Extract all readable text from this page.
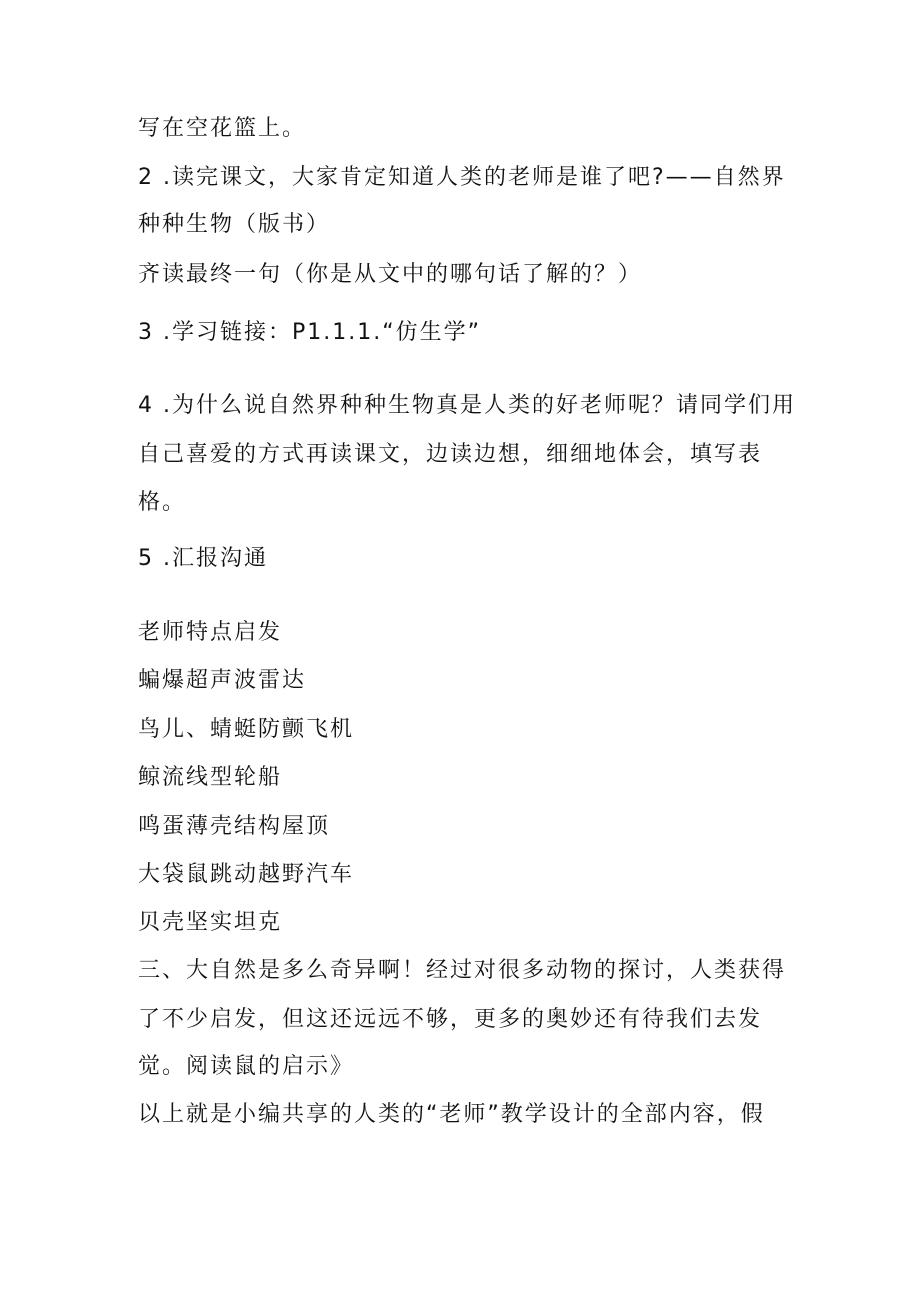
写在空花篮上。

2 .读完课文，大家肯定知道人类的老师是谁了吧?——自然界

种种生物（版书）

齐读最终一句（你是从文中的哪句话了解的？）

3 .学习链接：P1.1.1.“仿生学”

4 .为什么说自然界种种生物真是人类的好老师呢？请同学们用

自己喜爱的方式再读课文，边读边想，细细地体会，填写表

格。

5 .汇报沟通

老师特点启发

蝙爆超声波雷达

鸟儿、蜻蜓防颤飞机

鲸流线型轮船

鸣蛋薄壳结构屋顶

大袋鼠跳动越野汽车

贝壳坚实坦克

三、大自然是多么奇异啊！经过对很多动物的探讨，人类获得

了不少启发，但这还远远不够，更多的奥妙还有待我们去发

觉。阅读鼠的启示》

以上就是小编共享的人类的“老师”教学设计的全部内容，假
